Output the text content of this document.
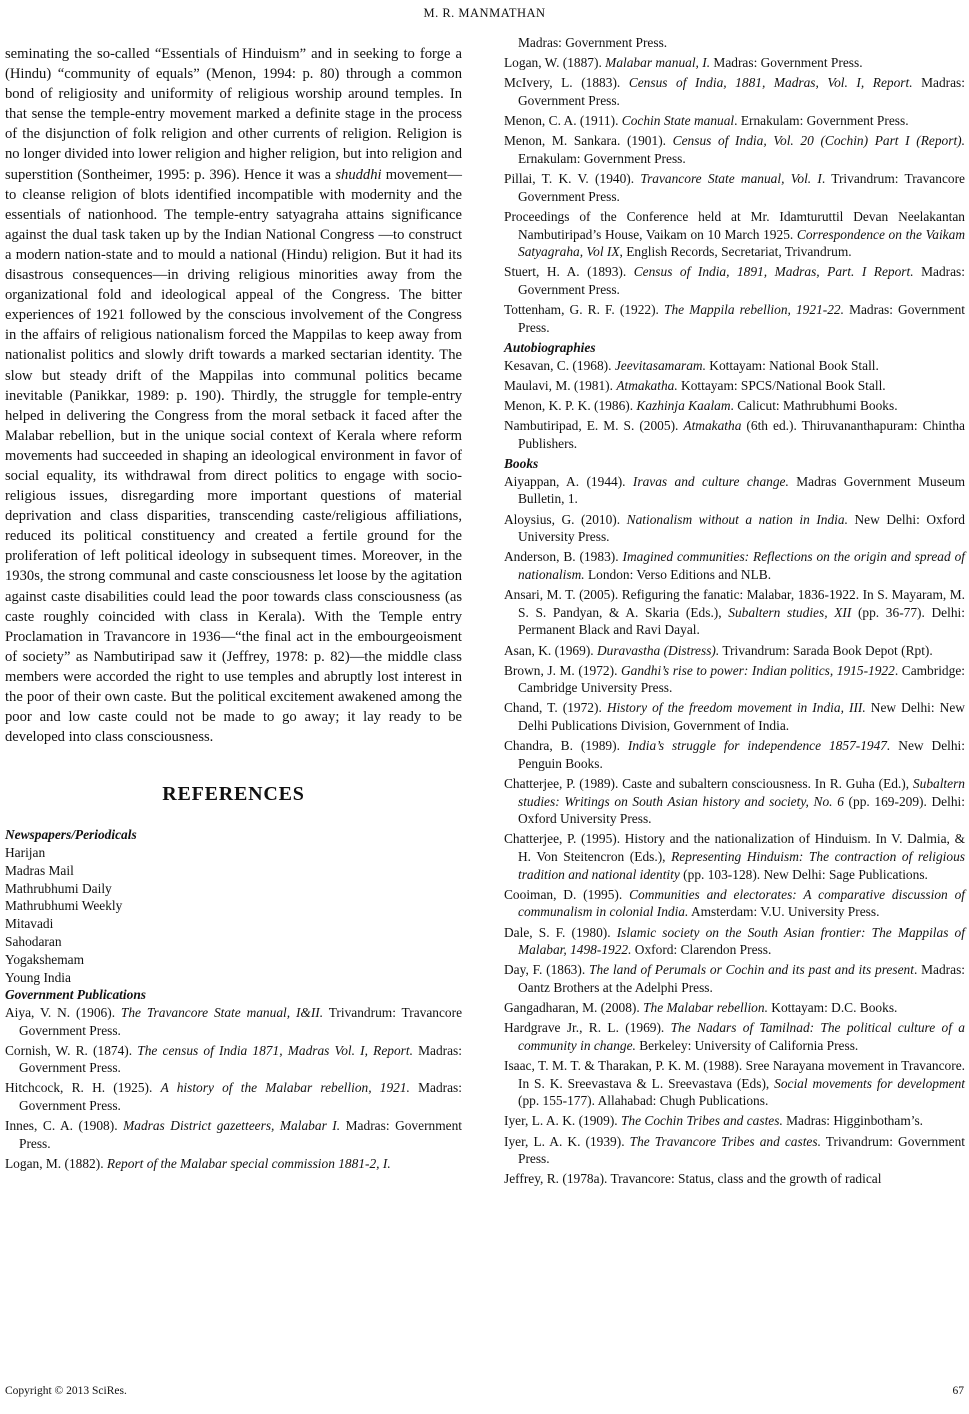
M. R. MANMATHAN

seminating the so-called “Essentials of Hinduism” and in seeking to forge a (Hindu) “community of equals” (Menon, 1994: p. 80) through a common bond of religiosity and uniformity of religious worship around temples. In that sense the temple-entry movement marked a definite stage in the process of the disjunction of folk religion and other currents of religion. Religion is no longer divided into lower religion and higher religion, but into religion and superstition (Sontheimer, 1995: p. 396). Hence it was a shuddhi movement—to cleanse religion of blots identified incompatible with modernity and the essentials of nationhood. The temple-entry satyagraha attains significance against the dual task taken up by the Indian National Congress —to construct a modern nation-state and to mould a national (Hindu) religion. But it had its disastrous consequences—in driving religious minorities away from the organizational fold and ideological appeal of the Congress. The bitter experiences of 1921 followed by the conscious involvement of the Congress in the affairs of religious nationalism forced the Mappilas to keep away from nationalist politics and slowly drift towards a marked sectarian identity. The slow but steady drift of the Mappilas into communal politics became inevitable (Panikkar, 1989: p. 190). Thirdly, the struggle for temple-entry helped in delivering the Congress from the moral setback it faced after the Malabar rebellion, but in the unique social context of Kerala where reform movements had succeeded in shaping an ideological environment in favor of social equality, its withdrawal from direct politics to engage with socio-religious issues, disregarding more important questions of material deprivation and class disparities, transcending caste/religious affiliations, reduced its political constituency and created a fertile ground for the proliferation of left political ideology in subsequent times. Moreover, in the 1930s, the strong communal and caste consciousness let loose by the agitation against caste disabilities could lead the poor towards class consciousness (as caste roughly coincided with class in Kerala). With the Temple entry Proclamation in Travancore in 1936—“the final act in the embourgeoisment of society” as Nambutiripad saw it (Jeffrey, 1978: p. 82)—the middle class members were accorded the right to use temples and abruptly lost interest in the poor of their own caste. But the political excitement awakened among the poor and low caste could not be made to go away; it lay ready to be developed into class consciousness.

REFERENCES
Newspapers/Periodicals
Harijan
Madras Mail
Mathrubhumi Daily
Mathrubhumi Weekly
Mitavadi
Sahodaran
Yogakshemam
Young India
Government Publications
Aiya, V. N. (1906). The Travancore State manual, I&II. Trivandrum: Travancore Government Press.
Cornish, W. R. (1874). The census of India 1871, Madras Vol. I, Report. Madras: Government Press.
Hitchcock, R. H. (1925). A history of the Malabar rebellion, 1921. Madras: Government Press.
Innes, C. A. (1908). Madras District gazetteers, Malabar I. Madras: Government Press.
Logan, M. (1882). Report of the Malabar special commission 1881-2, I.
Madras: Government Press.
Logan, W. (1887). Malabar manual, I. Madras: Government Press.
McIvery, L. (1883). Census of India, 1881, Madras, Vol. I, Report. Madras: Government Press.
Menon, C. A. (1911). Cochin State manual. Ernakulam: Government Press.
Menon, M. Sankara. (1901). Census of India, Vol. 20 (Cochin) Part I (Report). Ernakulam: Government Press.
Pillai, T. K. V. (1940). Travancore State manual, Vol. I. Trivandrum: Travancore Government Press.
Proceedings of the Conference held at Mr. Idamturuttil Devan Neelakantan Nambutiripad’s House, Vaikam on 10 March 1925. Correspondence on the Vaikam Satyagraha, Vol IX, English Records, Secretariat, Trivandrum.
Stuert, H. A. (1893). Census of India, 1891, Madras, Part. I Report. Madras: Government Press.
Tottenham, G. R. F. (1922). The Mappila rebellion, 1921-22. Madras: Government Press.
Autobiographies
Kesavan, C. (1968). Jeevitasamaram. Kottayam: National Book Stall.
Maulavi, M. (1981). Atmakatha. Kottayam: SPCS/National Book Stall.
Menon, K. P. K. (1986). Kazhinja Kaalam. Calicut: Mathrubhumi Books.
Nambutiripad, E. M. S. (2005). Atmakatha (6th ed.). Thiruvananthapuram: Chintha Publishers.
Books
Aiyappan, A. (1944). Iravas and culture change. Madras Government Museum Bulletin, 1.
Aloysius, G. (2010). Nationalism without a nation in India. New Delhi: Oxford University Press.
Anderson, B. (1983). Imagined communities: Reflections on the origin and spread of nationalism. London: Verso Editions and NLB.
Ansari, M. T. (2005). Refiguring the fanatic: Malabar, 1836-1922. In S. Mayaram, M. S. S. Pandyan, & A. Skaria (Eds.), Subaltern studies, XII (pp. 36-77). Delhi: Permanent Black and Ravi Dayal.
Asan, K. (1969). Duravastha (Distress). Trivandrum: Sarada Book Depot (Rpt).
Brown, J. M. (1972). Gandhi’s rise to power: Indian politics, 1915-1922. Cambridge: Cambridge University Press.
Chand, T. (1972). History of the freedom movement in India, III. New Delhi: New Delhi Publications Division, Government of India.
Chandra, B. (1989). India’s struggle for independence 1857-1947. New Delhi: Penguin Books.
Chatterjee, P. (1989). Caste and subaltern consciousness. In R. Guha (Ed.), Subaltern studies: Writings on South Asian history and society, No. 6 (pp. 169-209). Delhi: Oxford University Press.
Chatterjee, P. (1995). History and the nationalization of Hinduism. In V. Dalmia, & H. Von Steitencron (Eds.), Representing Hinduism: The contraction of religious tradition and national identity (pp. 103-128). New Delhi: Sage Publications.
Cooiman, D. (1995). Communities and electorates: A comparative discussion of communalism in colonial India. Amsterdam: V.U. University Press.
Dale, S. F. (1980). Islamic society on the South Asian frontier: The Mappilas of Malabar, 1498-1922. Oxford: Clarendon Press.
Day, F. (1863). The land of Perumals or Cochin and its past and its present. Madras: Oantz Brothers at the Adelphi Press.
Gangadharan, M. (2008). The Malabar rebellion. Kottayam: D.C. Books.
Hardgrave Jr., R. L. (1969). The Nadars of Tamilnad: The political culture of a community in change. Berkeley: University of California Press.
Isaac, T. M. T. & Tharakan, P. K. M. (1988). Sree Narayana movement in Travancore. In S. K. Sreevastava & L. Sreevastava (Eds), Social movements for development (pp. 155-177). Allahabad: Chugh Publications.
Iyer, L. A. K. (1909). The Cochin Tribes and castes. Madras: Higginbotham’s.
Iyer, L. A. K. (1939). The Travancore Tribes and castes. Trivandrum: Government Press.
Jeffrey, R. (1978a). Travancore: Status, class and the growth of radical
Copyright © 2013 SciRes.	67
